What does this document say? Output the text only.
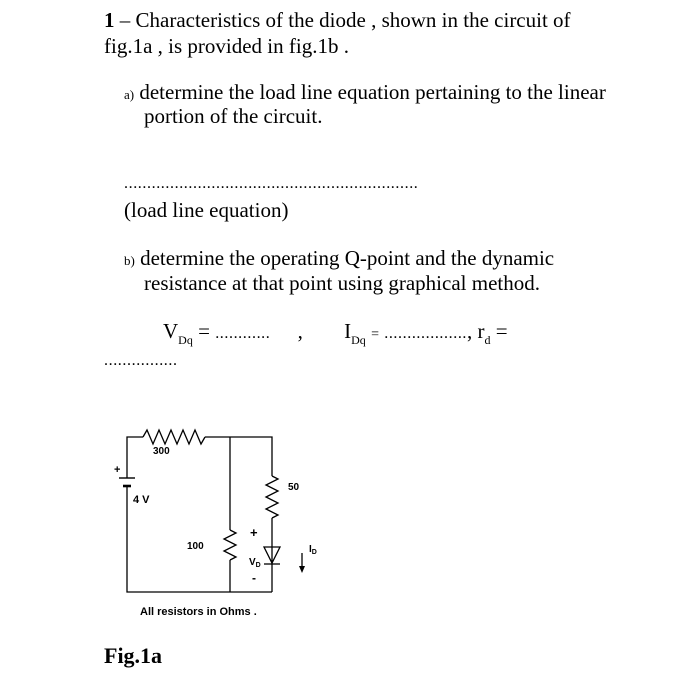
1 – Characteristics of the diode , shown in the circuit of
fig.1a , is provided in fig.1b .
a) determine the load line equation pertaining to the linear
portion of the circuit.
................................................................
(load line equation)
b) determine the operating Q-point and the dynamic
resistance at that point using graphical method.
$V_{Dq}$ = ............ , $I_{Dq}$ = .................., $r_d$ =
................
300
100
50
4 V
+
+
$V_D$
-
$I_D$
All resistors in Ohms .
Fig.1a
